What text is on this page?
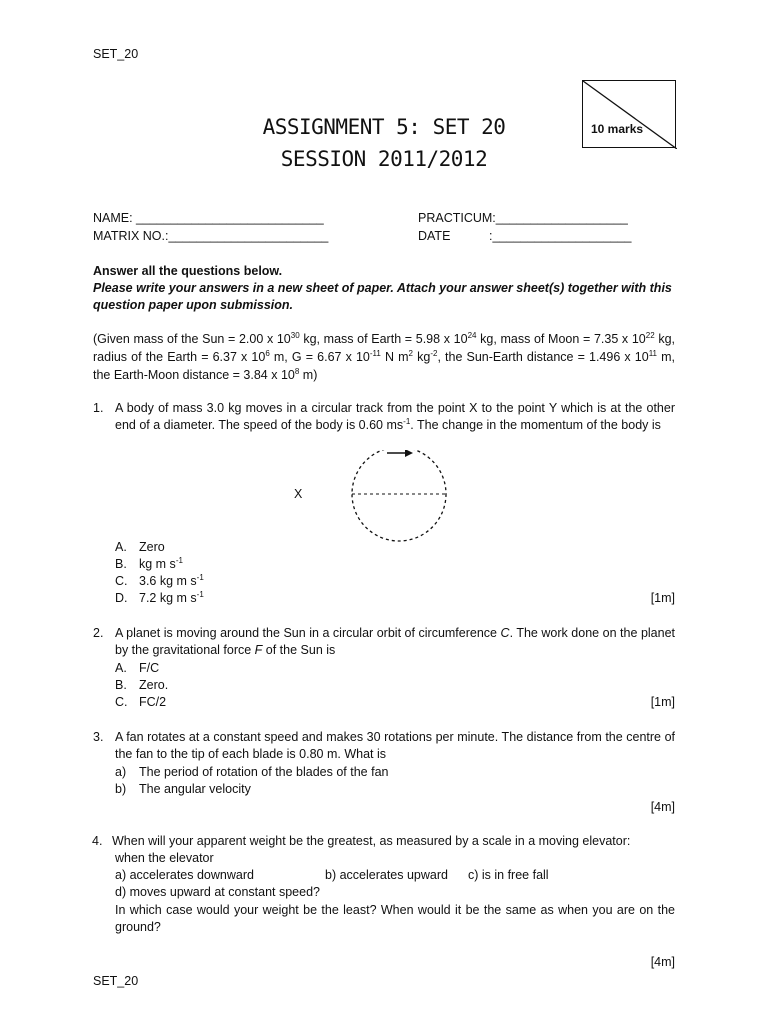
SET_20
ASSIGNMENT 5: SET 20
SESSION 2011/2012
10 marks
NAME: ___________________________
MATRIX NO.:_______________________
PRACTICUM:___________________
DATE	:____________________
Answer all the questions below.
Please write your answers in a new sheet of paper. Attach your answer sheet(s) together with this question paper upon submission.
(Given mass of the Sun = 2.00 x $10^{30}$ kg, mass of Earth = 5.98 x $10^{24}$ kg, mass of Moon = 7.35 x $10^{22}$ kg, radius of the Earth = 6.37 x $10^6$ m, G = 6.67 x $10^{-11}$ N $m^2$ $kg^{-2}$, the Sun-Earth distance = 1.496 x $10^{11}$ m, the Earth-Moon distance = 3.84 x $10^8$ m)
1. A body of mass 3.0 kg moves in a circular track from the point X to the point Y which is at the other end of a diameter. The speed of the body is 0.60 $ms^{-1}$. The change in the momentum of the body is
X
A. Zero
B. kg m $s^{-1}$
C. 3.6 kg m $s^{-1}$
D. 7.2 kg m $s^{-1}$	[1m]
2. A planet is moving around the Sun in a circular orbit of circumference C. The work done on the planet by the gravitational force F of the Sun is
A. F/C
B. Zero.
C. FC/2	[1m]
3. A fan rotates at a constant speed and makes 30 rotations per minute. The distance from the centre of the fan to the tip of each blade is 0.80 m. What is
a) The period of rotation of the blades of the fan
b) The angular velocity
[4m]
4. When will your apparent weight be the greatest, as measured by a scale in a moving elevator:
when the elevator
a) accelerates downward	b) accelerates upward c) is in free fall
d) moves upward at constant speed?
In which case would your weight be the least? When would it be the same as when you are on the ground?
[4m]
SET_20
